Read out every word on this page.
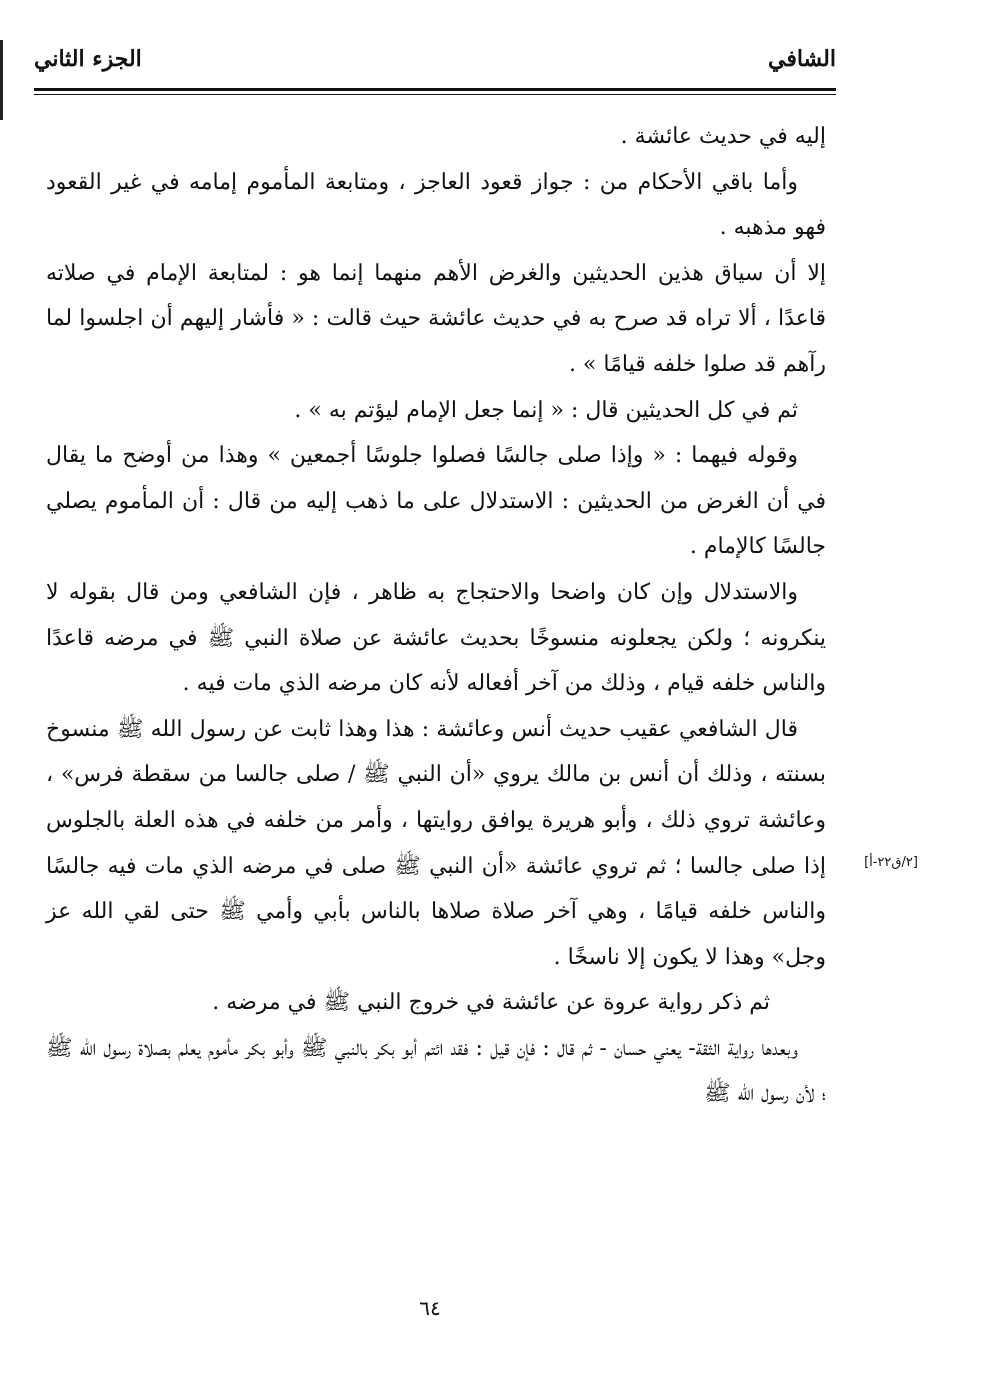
الشافي
الجزء الثاني

إليه في حديث عائشة .

وأما باقي الأحكام من : جواز قعود العاجز ، ومتابعة المأموم إمامه في غير القعود فهو مذهبه .

إلا أن سياق هذين الحديثين والغرض الأهم منهما إنما هو : لمتابعة الإمام في صلاته قاعدًا ، ألا تراه قد صرح به في حديث عائشة حيث قالت : « فأشار إليهم أن اجلسوا لما رآهم قد صلوا خلفه قيامًا » .

ثم في كل الحديثين قال : « إنما جعل الإمام ليؤتم به » .

وقوله فيهما : « وإذا صلى جالسًا فصلوا جلوسًا أجمعين » وهذا من أوضح ما يقال في أن الغرض من الحديثين : الاستدلال على ما ذهب إليه من قال : أن المأموم يصلي جالسًا كالإمام .

والاستدلال وإن كان واضحا والاحتجاج به ظاهر ، فإن الشافعي ومن قال بقوله لا ينكرونه ؛ ولكن يجعلونه منسوخًا بحديث عائشة عن صلاة النبي ﷺ في مرضه قاعدًا والناس خلفه قيام ، وذلك من آخر أفعاله لأنه كان مرضه الذي مات فيه .

قال الشافعي عقيب حديث أنس وعائشة : هذا وهذا ثابت عن رسول الله ﷺ منسوخ بسنته ، وذلك أن أنس بن مالك يروي «أن النبي ﷺ / صلى جالسا من سقطة فرس» ، وعائشة تروي ذلك ، وأبو هريرة يوافق روايتها ، وأمر من خلفه في هذه العلة بالجلوس إذا صلى جالسا ؛ ثم تروي عائشة «أن النبي ﷺ صلى في مرضه الذي مات فيه جالسًا والناس خلفه قيامًا ، وهي آخر صلاة صلاها بالناس بأبي وأمي ﷺ حتى لقي الله عز وجل» وهذا لا يكون إلا ناسخًا .

ثم ذكر رواية عروة عن عائشة في خروج النبي ﷺ في مرضه .

وبعدها رواية الثقة- يعني حسان - ثم قال : فإن قيل : فقد ائتم أبو بكر بالنبي ﷺ وأبو بكر مأموم يعلم بصلاة رسول الله ﷺ ؛ لأن رسول الله ﷺ

[٢/ق٢٢-أ]
٦٤
